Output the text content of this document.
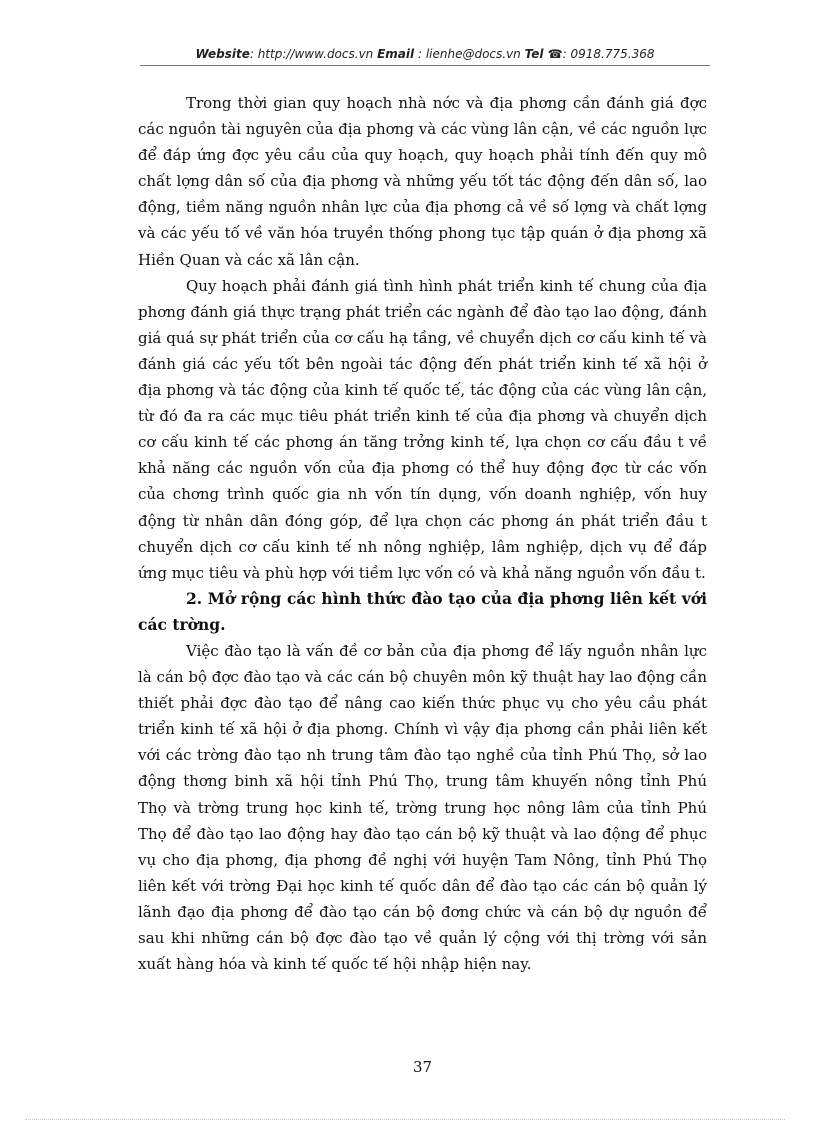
Website: http://www.docs.vn Email : lienhe@docs.vn Tel ☎: 0918.775.368

Trong thời gian quy hoạch nhà nớc và địa phơng cần đánh giá đợc các nguồn tài nguyên của địa phơng và các vùng lân cận, về các nguồn lực để đáp ứng đợc yêu cầu của quy hoạch, quy hoạch phải tính đến quy mô chất lợng dân số của địa phơng và những yếu tốt tác động đến dân số, lao động, tiềm năng nguồn nhân lực của địa phơng cả về số lợng và chất lợng và các yếu tố về văn hóa truyền thống phong tục tập quán ở địa phơng xã Hiền Quan và các xã lân cận.

Quy hoạch phải đánh giá tình hình phát triển kinh tế chung của địa phơng đánh giá thực trạng phát triển các ngành để đào tạo lao động, đánh giá quá sự phát triển của cơ cấu hạ tầng, về chuyển dịch cơ cấu kinh tế và đánh giá các yếu tốt bên ngoài tác động đến phát triển kinh tế xã hội ở địa phơng và tác động của kinh tế quốc tế, tác động của các vùng lân cận, từ đó đa ra các mục tiêu phát triển kinh tế của địa phơng và chuyển dịch cơ cấu kinh tế các phơng án tăng trởng kinh tế, lựa chọn cơ cấu đầu t về khả năng các nguồn vốn của địa phơng có thể huy động đợc từ các vốn của chơng trình quốc gia nh vốn tín dụng, vốn doanh nghiệp, vốn huy động từ nhân dân đóng góp, để lựa chọn các phơng án phát triển đầu t chuyển dịch cơ cấu kinh tế nh nông nghiệp, lâm nghiệp, dịch vụ để đáp ứng mục tiêu và phù hợp với tiềm lực vốn có và khả năng nguồn vốn đầu t.

2. Mở rộng các hình thức đào tạo của địa phơng liên kết với các trờng.

Việc đào tạo là vấn đề cơ bản của địa phơng để lấy nguồn nhân lực là cán bộ đợc đào tạo và các cán bộ chuyên môn kỹ thuật hay lao động cần thiết phải đợc đào tạo để nâng cao kiến thức phục vụ cho yêu cầu phát triển kinh tế xã hội ở địa phơng. Chính vì vậy địa phơng cần phải liên kết với các trờng đào tạo nh trung tâm đào tạo nghề của tỉnh Phú Thọ, sở lao động thơng binh xã hội tỉnh Phú Thọ, trung tâm khuyến nông tỉnh Phú Thọ và trờng trung học kinh tế, trờng trung học nông lâm của tỉnh Phú Thọ để đào tạo lao động hay đào tạo cán bộ kỹ thuật và lao động để phục vụ cho địa phơng, địa phơng đề nghị với huyện Tam Nông, tỉnh Phú Thọ liên kết với trờng Đại học kinh tế quốc dân để đào tạo các cán bộ quản lý lãnh đạo địa phơng để đào tạo cán bộ đơng chức và cán bộ dự nguồn để sau khi những cán bộ đợc đào tạo về quản lý cộng với thị trờng với sản xuất hàng hóa và kinh tế quốc tế hội nhập hiện nay.

37
